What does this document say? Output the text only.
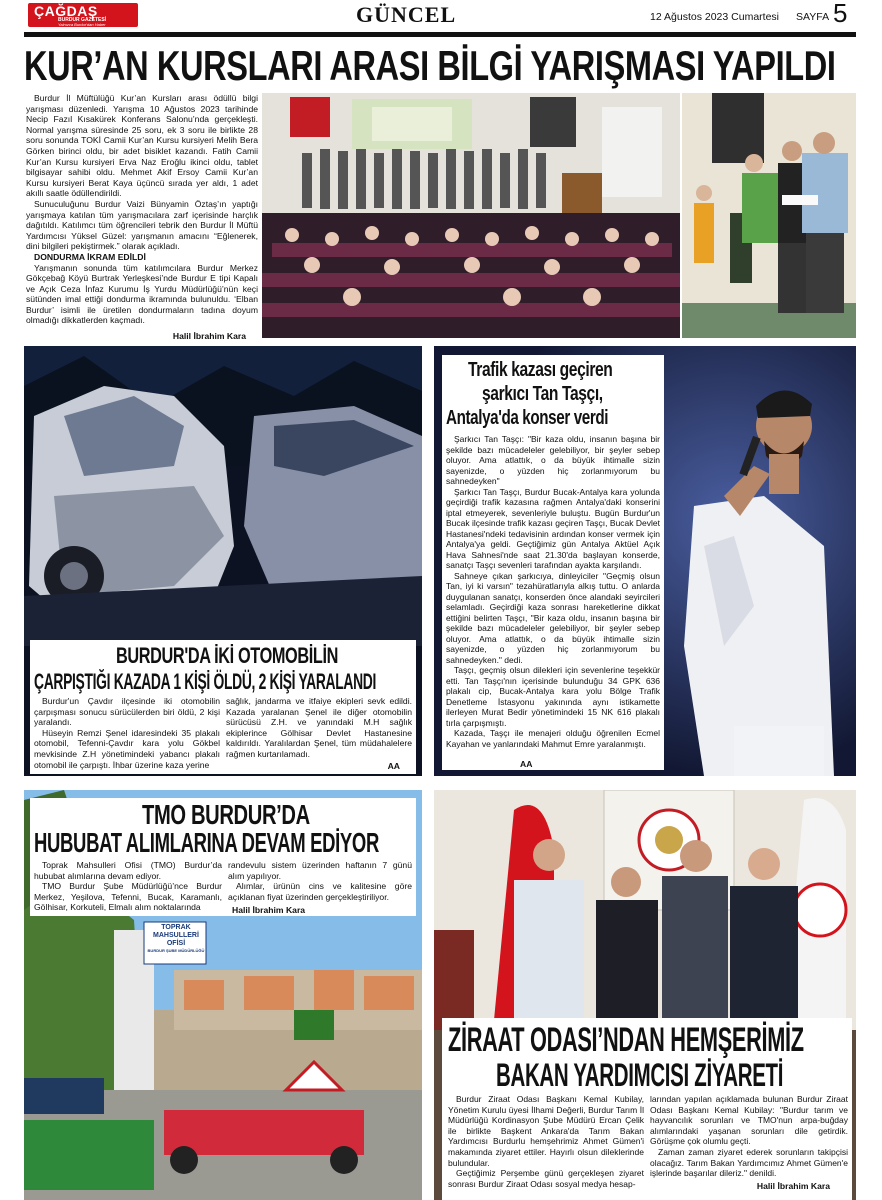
ÇAĞDAŞ
BURDUR GAZETESİ
Yalnızca Burdur'dan Haber	GÜNCEL	12 Ağustos 2023 Cumartesi SAYFA 5
KUR’AN KURSLARI ARASI BİLGİ YARIŞMASI YAPILDI

Burdur İl Müftülüğü Kur’an Kursları arası ödüllü bilgi yarışması düzenledi. Yarışma 10 Ağustos 2023 tarihinde Necip Fazıl Kısakürek Konferans Salonu’nda gerçekleşti. Normal yarışma süresinde 25 soru, ek 3 soru ile birlikte 28 soru sonunda TOKİ Camii Kur’an Kursu kursiyeri Melih Bera Görken birinci oldu, bir adet bisiklet kazandı. Fatih Camii Kur’an Kursu kursiyeri Erva Naz Eroğlu ikinci oldu, tablet bilgisayar sahibi oldu. Mehmet Akif Ersoy Camii Kur’an Kursu kursiyeri Berat Kaya üçüncü sırada yer aldı, 1 adet akıllı saatle ödüllendirildi.

Sunuculuğunu Burdur Vaizi Bünyamin Öztaş’ın yaptığı yarışmaya katılan tüm yarışmacılara zarf içerisinde harçlık dağıtıldı. Katılımcı tüm öğrencileri tebrik den Burdur İl Müftü Yardımcısı Yüksel Güzel: yarışmanın amacını “Eğlenerek, dini bilgileri pekiştirmek.” olarak açıkladı.

DONDURMA İKRAM EDİLDİ

Yarışmanın sonunda tüm katılımcılara Burdur Merkez Gökçebağ Köyü Burtrak Yerleşkesi’nde Burdur E tipi Kapalı ve Açık Ceza İnfaz Kurumu İş Yurdu Müdürlüğü’nün keçi sütünden imal ettiği dondurma ikramında bulunuldu. ‘Elban Burdur’ isimli ile üretilen dondurmaların tadına doyum olmadığı dikkatlerden kaçmadı.

Halil İbrahim Kara
BURDUR'DA İKİ OTOMOBİLİN
ÇARPIŞTIĞI KAZADA 1 KİŞİ ÖLDÜ, 2 KİŞİ YARALANDI

Burdur'un Çavdır ilçesinde iki otomobilin çarpışması sonucu sürücülerden biri öldü, 2 kişi yaralandı.

Hüseyin Remzi Şenel idaresindeki 35 plakalı otomobil, Tefenni-Çavdır kara yolu Gökbel mevkisinde Z.H yönetimindeki yabancı plakalı otomobil ile çarpıştı. İhbar üzerine kaza yerine

sağlık, jandarma ve itfaiye ekipleri sevk edildi. Kazada yaralanan Şenel ile diğer otomobilin sürücüsü Z.H. ve yanındaki M.H sağlık ekiplerince Gölhisar Devlet Hastanesine kaldırıldı. Yaralılardan Şenel, tüm müdahalelere rağmen kurtarılamadı.

AA
Trafik kazası geçiren
şarkıcı Tan Taşçı,
Antalya'da konser verdi

Şarkıcı Tan Taşçı: "Bir kaza oldu, insanın başına bir şekilde bazı mücadeleler gelebiliyor, bir şeyler sebep oluyor. Ama atlattık, o da büyük ihtimalle sizin sayenizde, o yüzden hiç zorlanmıyorum bu sahnedeyken"

Şarkıcı Tan Taşçı, Burdur Bucak-Antalya kara yolunda geçirdiği trafik kazasına rağmen Antalya'daki konserini iptal etmeyerek, sevenleriyle buluştu. Bugün Burdur'un Bucak ilçesinde trafik kazası geçiren Taşçı, Bucak Devlet Hastanesi'ndeki tedavisinin ardından konser vermek için Antalya'ya geldi. Geçtiğimiz gün Antalya Aktüel Açık Hava Sahnesi'nde saat 21.30'da başlayan konserde, sanatçı Taşçı sevenleri tarafından ayakta karşılandı.

Sahneye çıkan şarkıcıya, dinleyiciler "Geçmiş olsun Tan, iyi ki varsın" tezahüratlarıyla alkış tuttu. O anlarda duygulanan sanatçı, konserden önce alandaki seyircileri selamladı. Geçirdiği kaza sonrası hareketlerine dikkat ettiğini belirten Taşçı, "Bir kaza oldu, insanın başına bir şekilde bazı mücadeleler gelebiliyor, bir şeyler sebep oluyor. Ama atlattık, o da büyük ihtimalle sizin sayenizde, o yüzden hiç zorlanmıyorum bu sahnedeyken." dedi.

Taşçı, geçmiş olsun dilekleri için sevenlerine teşekkür etti. Tan Taşçı'nın içerisinde bulunduğu 34 GPK 636 plakalı cip, Bucak-Antalya kara yolu Bölge Trafik Denetleme İstasyonu yakınında aynı istikamette ilerleyen Murat Bedir yönetimindeki 15 NK 616 plakalı tırla çarpışmıştı.

Kazada, Taşçı ile menajeri olduğu öğrenilen Ecmel Kayahan ve yanlarındaki Mahmut Emre yaralanmıştı.

AA
TOPRAK
MAHSULLERİ
OFİSİ
BURDUR ŞUBE MÜDÜRLÜĞÜ
TMO BURDUR’DA
HUBUBAT ALIMLARINA DEVAM EDİYOR

Toprak Mahsulleri Ofisi (TMO) Burdur’da hububat alımlarına devam ediyor.

TMO Burdur Şube Müdürlüğü’nce Burdur Merkez, Yeşilova, Tefenni, Bucak, Karamanlı, Gölhisar, Korkuteli, Elmalı alım noktalarında

randevulu sistem üzerinden haftanın 7 günü alım yapılıyor.

Alımlar, ürünün cins ve kalitesine göre açıklanan fiyat üzerinden gerçekleştiriliyor.

Halil İbrahim Kara
ZİRAAT ODASI’NDAN HEMŞERİMİZ
BAKAN YARDIMCISI ZİYARETİ

Burdur Ziraat Odası Başkanı Kemal Kubilay, Yönetim Kurulu üyesi İlhami Değerli, Burdur Tarım İl Müdürlüğü Kordinasyon Şube Müdürü Ercan Çelik ile birlikte Başkent Ankara'da Tarım Bakan Yardımcısı Burdurlu hemşehrimiz Ahmet Gümen'i makamında ziyaret ettiler. Hayırlı olsun dileklerinde bulundular.

Geçtiğimiz Perşembe günü gerçekleşen ziyaret sonrası Burdur Ziraat Odası sosyal medya hesap-

larından yapılan açıklamada bulunan Burdur Ziraat Odası Başkanı Kemal Kubilay: "Burdur tarım ve hayvancılık sorunları ve TMO'nun arpa-buğday alımlarındaki yaşanan sorunları dile getirdik. Görüşme çok olumlu geçti.

Zaman zaman ziyaret ederek sorunların takipçisi olacağız. Tarım Bakan Yardımcımız Ahmet Gümen'e işlerinde başarılar dileriz." denildi.

Halil İbrahim Kara
